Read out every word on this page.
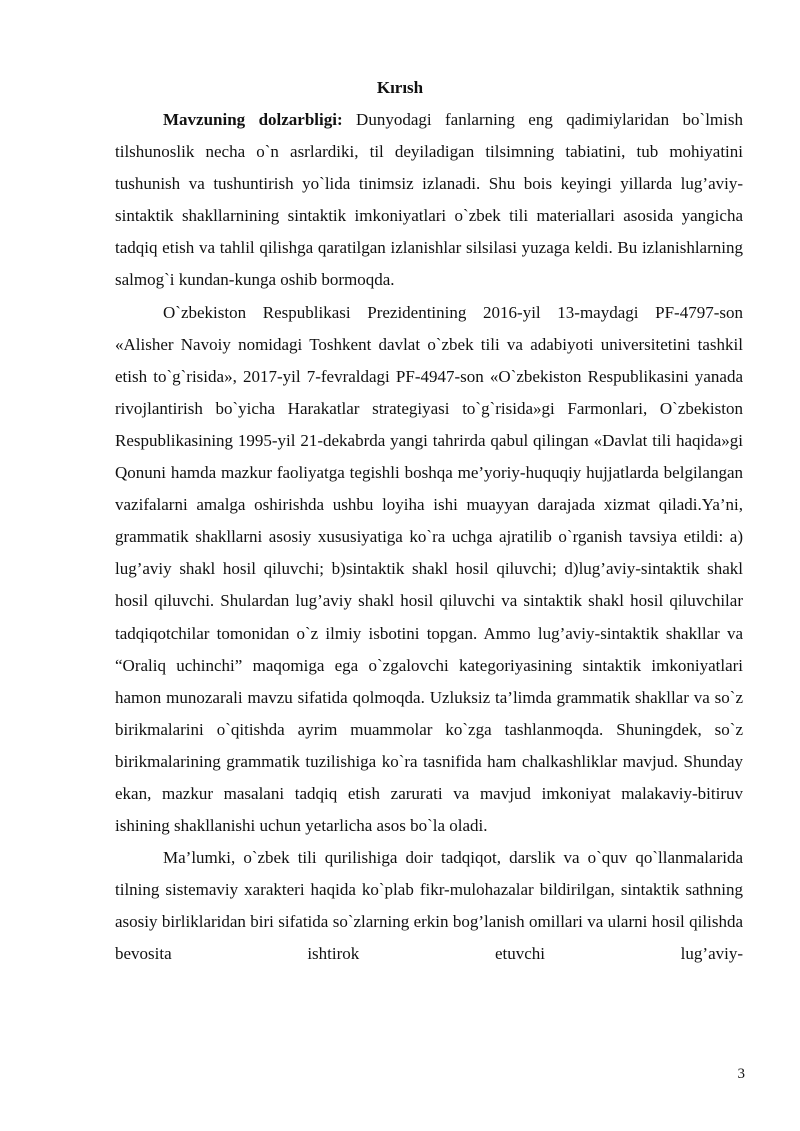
Kırısh

Mavzuning dolzarbligi: Dunyodagi fanlarning eng qadimiylaridan bo`lmish tilshunoslik necha o`n asrlardiki, til deyiladigan tilsimning tabiatini, tub mohiyatini tushunish va tushuntirish yo`lida tinimsiz izlanadi. Shu bois keyingi yillarda lug’aviy-sintaktik shakllarnining sintaktik imkoniyatlari o`zbek tili materiallari asosida yangicha tadqiq etish va tahlil qilishga qaratilgan izlanishlar silsilasi yuzaga keldi. Bu izlanishlarning salmog`i kundan-kunga oshib bormoqda.

O`zbekiston Respublikasi Prezidentining 2016-yil 13-maydagi PF-4797-son «Alisher Navoiy nomidagi Toshkent davlat o`zbek tili va adabiyoti universitetini tashkil etish to`g`risida», 2017-yil 7-fevraldagi PF-4947-son «O`zbekiston Respublikasini yanada rivojlantirish bo`yicha Harakatlar strategiyasi to`g`risida»gi Farmonlari, O`zbekiston Respublikasining 1995-yil 21-dekabrda yangi tahrirda qabul qilingan «Davlat tili haqida»gi Qonuni hamda mazkur faoliyatga tegishli boshqa me’yoriy-huquqiy hujjatlarda belgilangan vazifalarni amalga oshirishda ushbu loyiha ishi muayyan darajada xizmat qiladi.Ya’ni, grammatik shakllarni asosiy xususiyatiga ko`ra uchga ajratilib o`rganish tavsiya etildi: a) lug’aviy shakl hosil qiluvchi; b)sintaktik shakl hosil qiluvchi; d)lug’aviy-sintaktik shakl hosil qiluvchi. Shulardan lug’aviy shakl hosil qiluvchi va sintaktik shakl hosil qiluvchilar tadqiqotchilar tomonidan o`z ilmiy isbotini topgan. Ammo lug’aviy-sintaktik shakllar va “Oraliq uchinchi” maqomiga ega o`zgalovchi kategoriyasining sintaktik imkoniyatlari hamon munozarali mavzu sifatida qolmoqda. Uzluksiz ta’limda grammatik shakllar va so`z birikmalarini o`qitishda ayrim muammolar ko`zga tashlanmoqda. Shuningdek, so`z birikmalarining grammatik tuzilishiga ko`ra tasnifida ham chalkashliklar mavjud. Shunday ekan, mazkur masalani tadqiq etish zarurati va mavjud imkoniyat malakaviy-bitiruv ishining shakllanishi uchun yetarlicha asos bo`la oladi.

Ma’lumki, o`zbek tili qurilishiga doir tadqiqot, darslik va o`quv qo`llanmalarida tilning sistemaviy xarakteri haqida ko`plab fikr-mulohazalar bildirilgan, sintaktik sathning asosiy birliklaridan biri sifatida so`zlarning erkin bog’lanish omillari va ularni hosil qilishda bevosita ishtirok etuvchi lug’aviy-

3
